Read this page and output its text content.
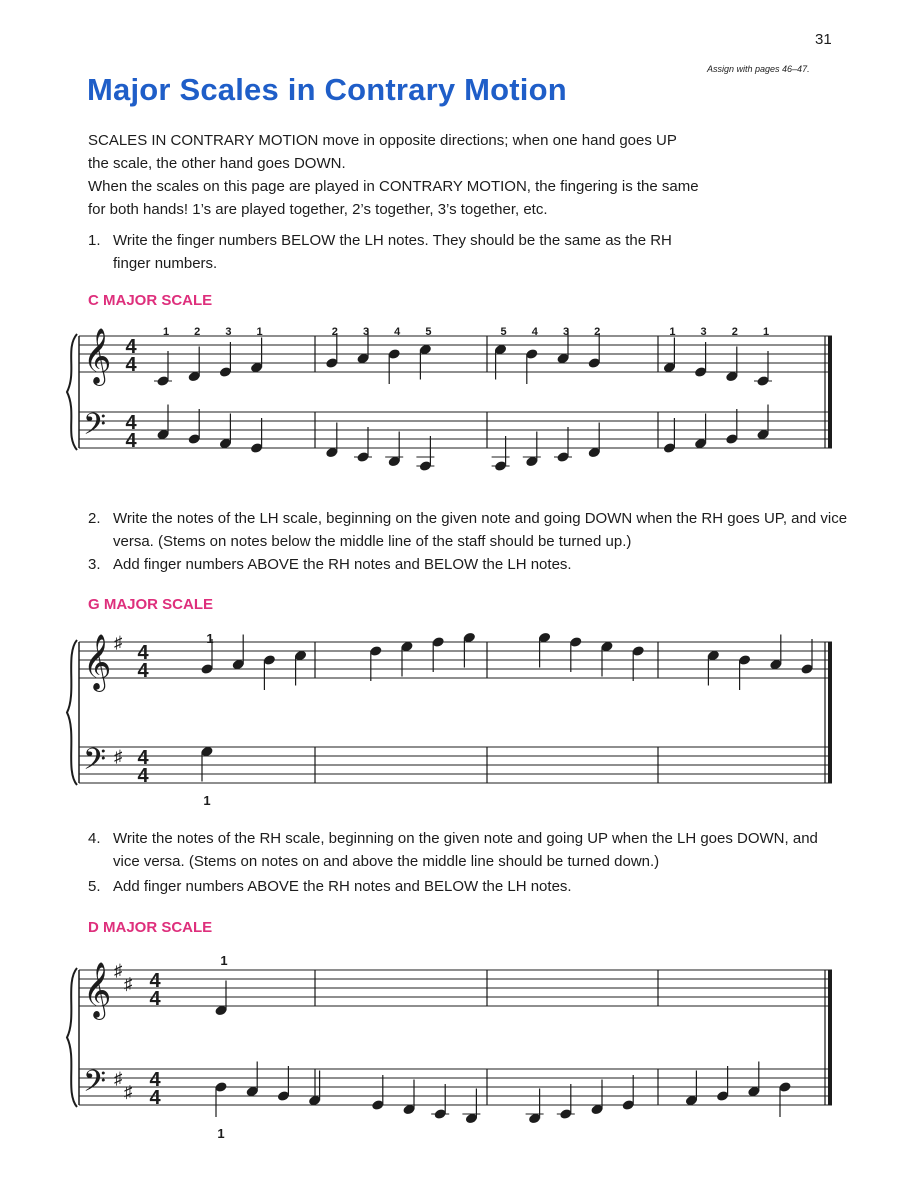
31
Assign with pages 46–47.
Major Scales in Contrary Motion

SCALES IN CONTRARY MOTION move in opposite directions; when one hand goes UP the scale, the other hand goes DOWN.

When the scales on this page are played in CONTRARY MOTION, the fingering is the same for both hands! 1’s are played together, 2’s together, 3’s together, etc.

1. Write the finger numbers BELOW the LH notes. They should be the same as the RH finger numbers.
C MAJOR SCALE
𝄞 4
4
𝄢 4
4
1 2 3 1	2 3 4 5	5 4 3 2	1 3 2 1
2. Write the notes of the LH scale, beginning on the given note and going DOWN when the RH goes UP, and vice versa. (Stems on notes below the middle line of the staff should be turned up.)
3. Add finger numbers ABOVE the RH notes and BELOW the LH notes.
G MAJOR SCALE
𝄞 ♯ 4
4
𝄢 ♯ 4
4
1
1
4. Write the notes of the RH scale, beginning on the given note and going UP when the LH goes DOWN, and vice versa. (Stems on notes on and above the middle line should be turned down.)
5. Add finger numbers ABOVE the RH notes and BELOW the LH notes.
D MAJOR SCALE
𝄞 ♯
♯ 4
4
𝄢 ♯
♯
4
4
1
1
